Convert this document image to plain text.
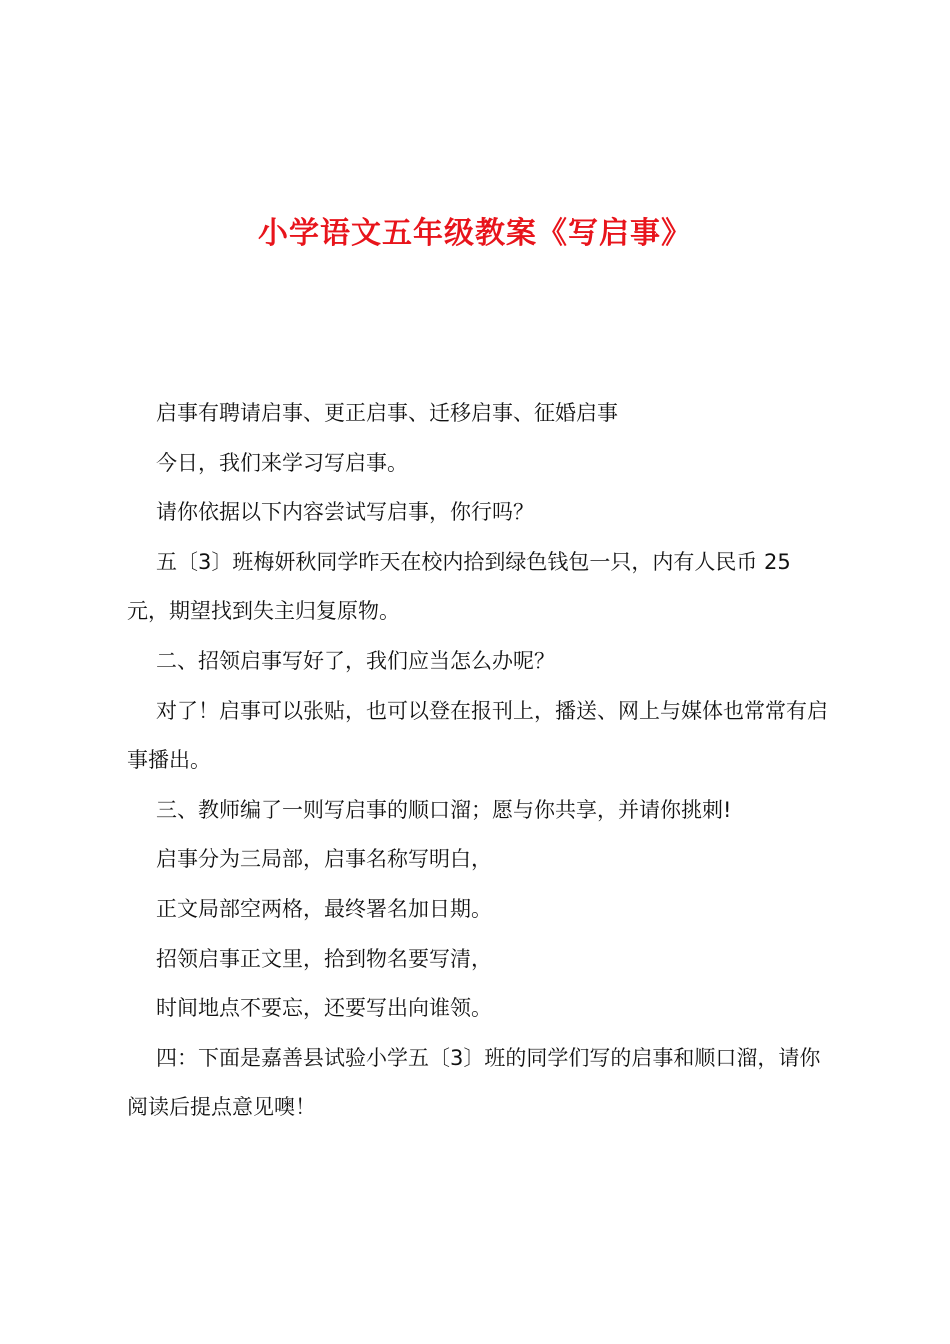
小学语文五年级教案《写启事》

启事有聘请启事、更正启事、迁移启事、征婚启事

今日，我们来学习写启事。

请你依据以下内容尝试写启事，你行吗？

五〔3〕班梅妍秋同学昨天在校内拾到绿色钱包一只，内有人民币 25 元，期望找到失主归复原物。

二、招领启事写好了，我们应当怎么办呢？

对了！启事可以张贴，也可以登在报刊上，播送、网上与媒体也常常有启事播出。

三、教师编了一则写启事的顺口溜；愿与你共享，并请你挑刺!

启事分为三局部，启事名称写明白，

正文局部空两格，最终署名加日期。

招领启事正文里，拾到物名要写清，

时间地点不要忘，还要写出向谁领。

四：下面是嘉善县试验小学五〔3〕班的同学们写的启事和顺口溜，请你阅读后提点意见噢！
